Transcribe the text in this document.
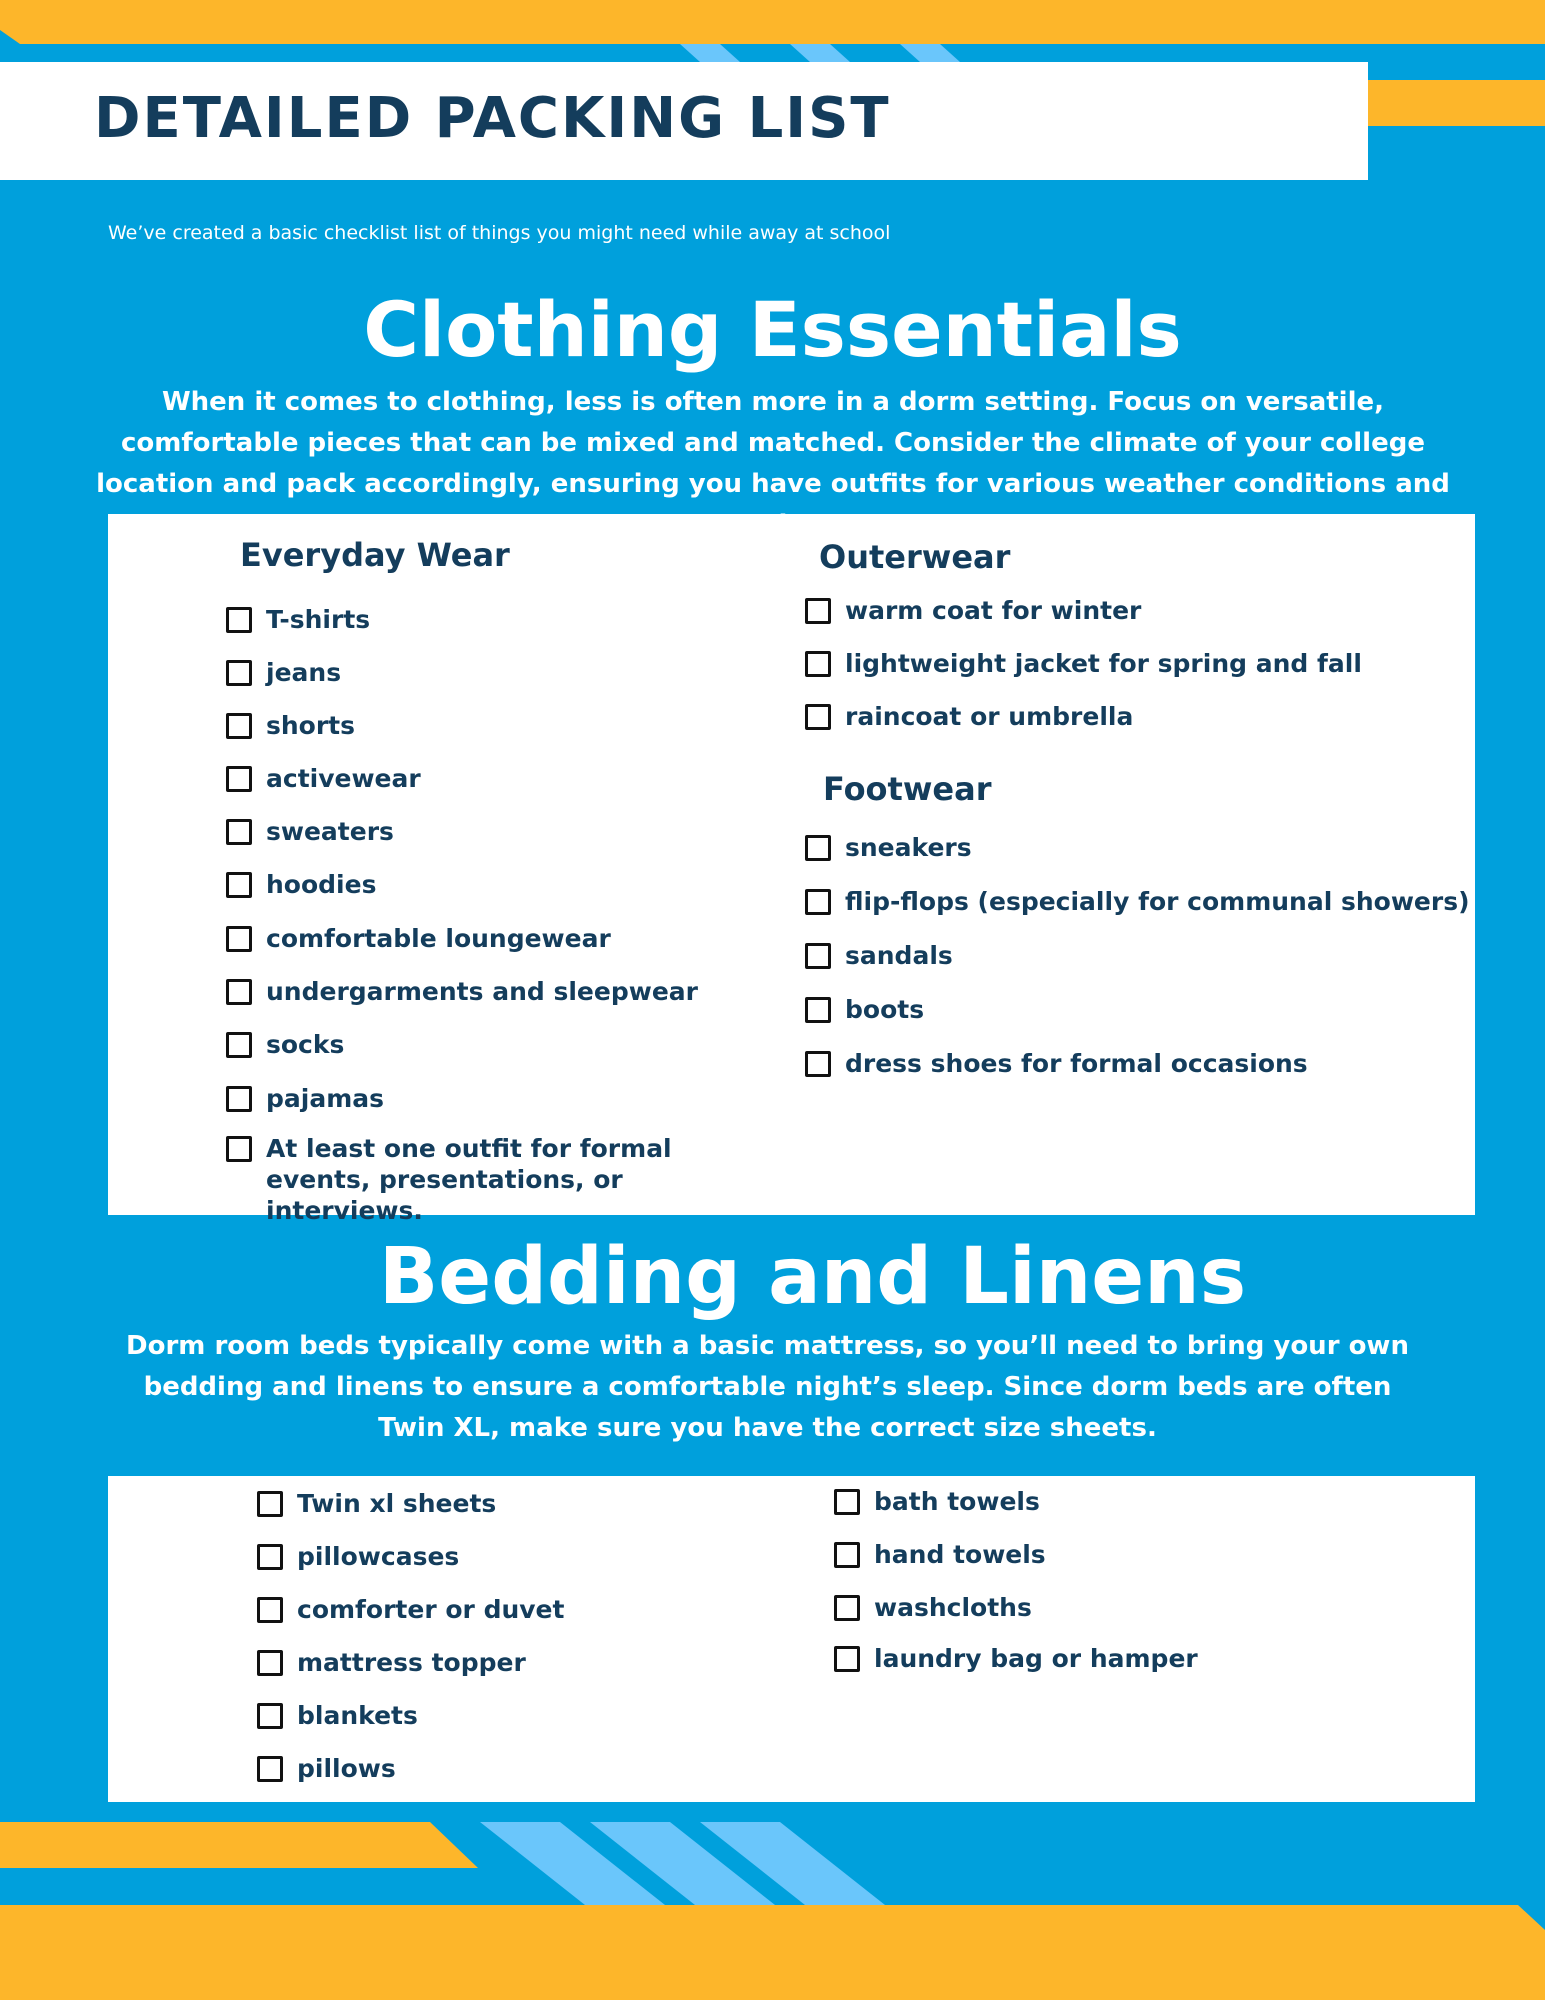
DETAILED PACKING LIST
We’ve created a basic checklist list of things you might need while away at school
Clothing Essentials

When it comes to clothing, less is often more in a dorm setting. Focus on versatile, comfortable pieces that can be mixed and matched. Consider the climate of your college location and pack accordingly, ensuring you have outfits for various weather conditions and

Everyday Wear
T-shirts
jeans
shorts
activewear
sweaters
hoodies
comfortable loungewear
undergarments and sleepwear
socks
pajamas
At least one outfit for formal events, presentations, or interviews.
Outerwear
warm coat for winter
lightweight jacket for spring and fall
raincoat or umbrella
Footwear
sneakers
flip-flops (especially for communal showers)
sandals
boots
dress shoes for formal occasions
Bedding and Linens

Dorm room beds typically come with a basic mattress, so you’ll need to bring your own bedding and linens to ensure a comfortable night’s sleep. Since dorm beds are often Twin XL, make sure you have the correct size sheets.

Twin xl sheets
pillowcases
comforter or duvet
mattress topper
blankets
pillows
bath towels
hand towels
washcloths
laundry bag or hamper
